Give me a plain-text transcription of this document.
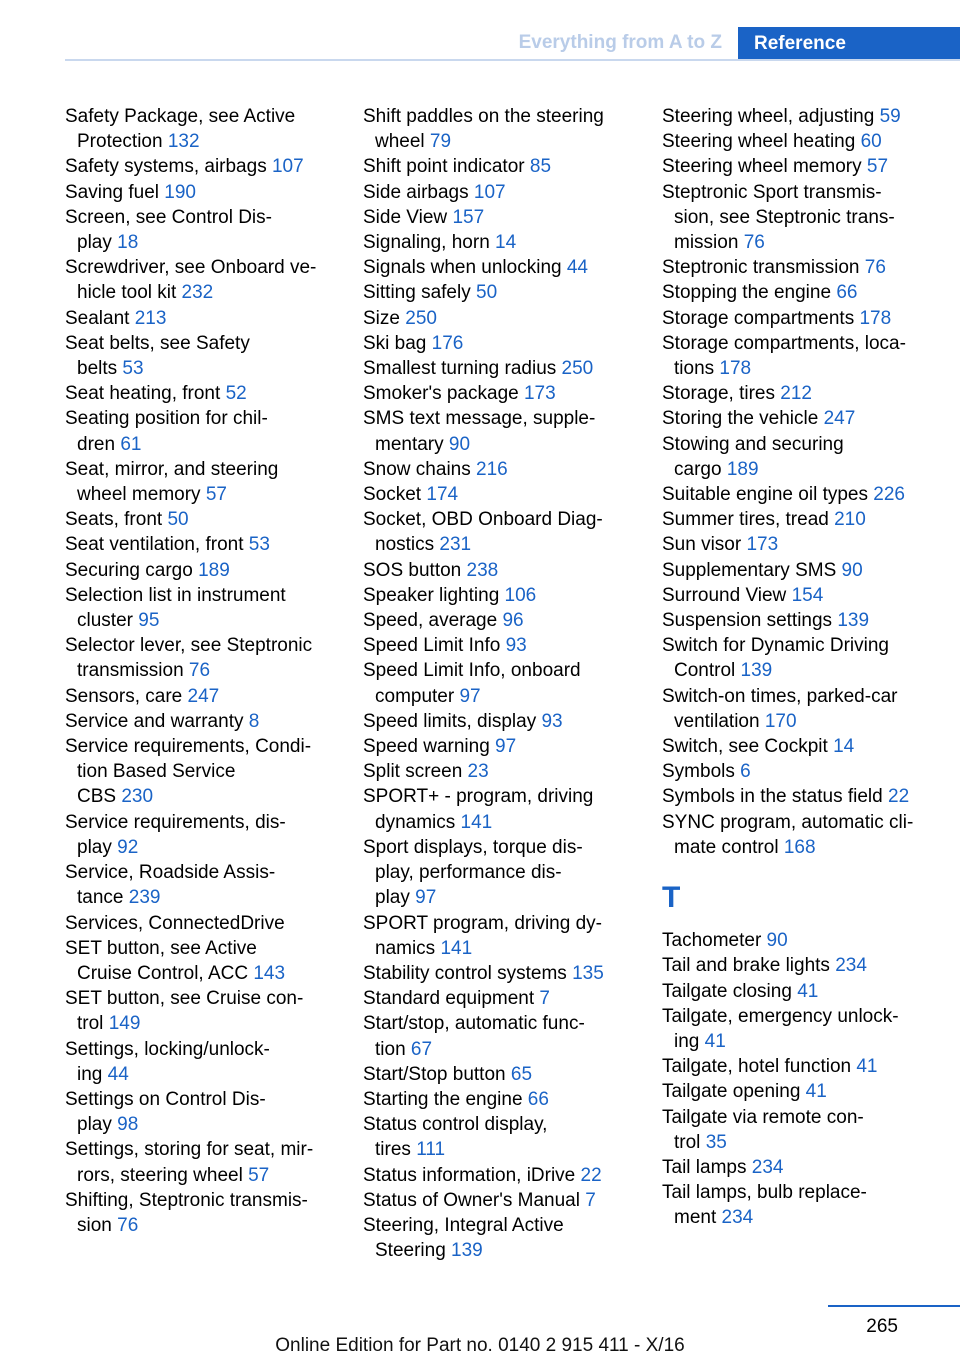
Everything from A to Z	Reference
Safety Package, see Active
Protection 132
Safety systems, airbags 107
Saving fuel 190
Screen, see Control Dis-
play 18
Screwdriver, see Onboard ve-
hicle tool kit 232
Sealant 213
Seat belts, see Safety
belts 53
Seat heating, front 52
Seating position for chil-
dren 61
Seat, mirror, and steering
wheel memory 57
Seats, front 50
Seat ventilation, front 53
Securing cargo 189
Selection list in instrument
cluster 95
Selector lever, see Steptronic
transmission 76
Sensors, care 247
Service and warranty 8
Service requirements, Condi-
tion Based Service
CBS 230
Service requirements, dis-
play 92
Service, Roadside Assis-
tance 239
Services, ConnectedDrive
SET button, see Active
Cruise Control, ACC 143
SET button, see Cruise con-
trol 149
Settings, locking/unlock-
ing 44
Settings on Control Dis-
play 98
Settings, storing for seat, mir-
rors, steering wheel 57
Shifting, Steptronic transmis-
sion 76
Shift paddles on the steering
wheel 79
Shift point indicator 85
Side airbags 107
Side View 157
Signaling, horn 14
Signals when unlocking 44
Sitting safely 50
Size 250
Ski bag 176
Smallest turning radius 250
Smoker's package 173
SMS text message, supple-
mentary 90
Snow chains 216
Socket 174
Socket, OBD Onboard Diag-
nostics 231
SOS button 238
Speaker lighting 106
Speed, average 96
Speed Limit Info 93
Speed Limit Info, onboard
computer 97
Speed limits, display 93
Speed warning 97
Split screen 23
SPORT+ - program, driving
dynamics 141
Sport displays, torque dis-
play, performance dis-
play 97
SPORT program, driving dy-
namics 141
Stability control systems 135
Standard equipment 7
Start/stop, automatic func-
tion 67
Start/Stop button 65
Starting the engine 66
Status control display,
tires 111
Status information, iDrive 22
Status of Owner's Manual 7
Steering, Integral Active
Steering 139
Steering wheel, adjusting 59
Steering wheel heating 60
Steering wheel memory 57
Steptronic Sport transmis-
sion, see Steptronic trans-
mission 76
Steptronic transmission 76
Stopping the engine 66
Storage compartments 178
Storage compartments, loca-
tions 178
Storage, tires 212
Storing the vehicle 247
Stowing and securing
cargo 189
Suitable engine oil types 226
Summer tires, tread 210
Sun visor 173
Supplementary SMS 90
Surround View 154
Suspension settings 139
Switch for Dynamic Driving
Control 139
Switch-on times, parked-car
ventilation 170
Switch, see Cockpit 14
Symbols 6
Symbols in the status field 22
SYNC program, automatic cli-
mate control 168
T
Tachometer 90
Tail and brake lights 234
Tailgate closing 41
Tailgate, emergency unlock-
ing 41
Tailgate, hotel function 41
Tailgate opening 41
Tailgate via remote con-
trol 35
Tail lamps 234
Tail lamps, bulb replace-
ment 234
265
Online Edition for Part no. 0140 2 915 411 - X/16
